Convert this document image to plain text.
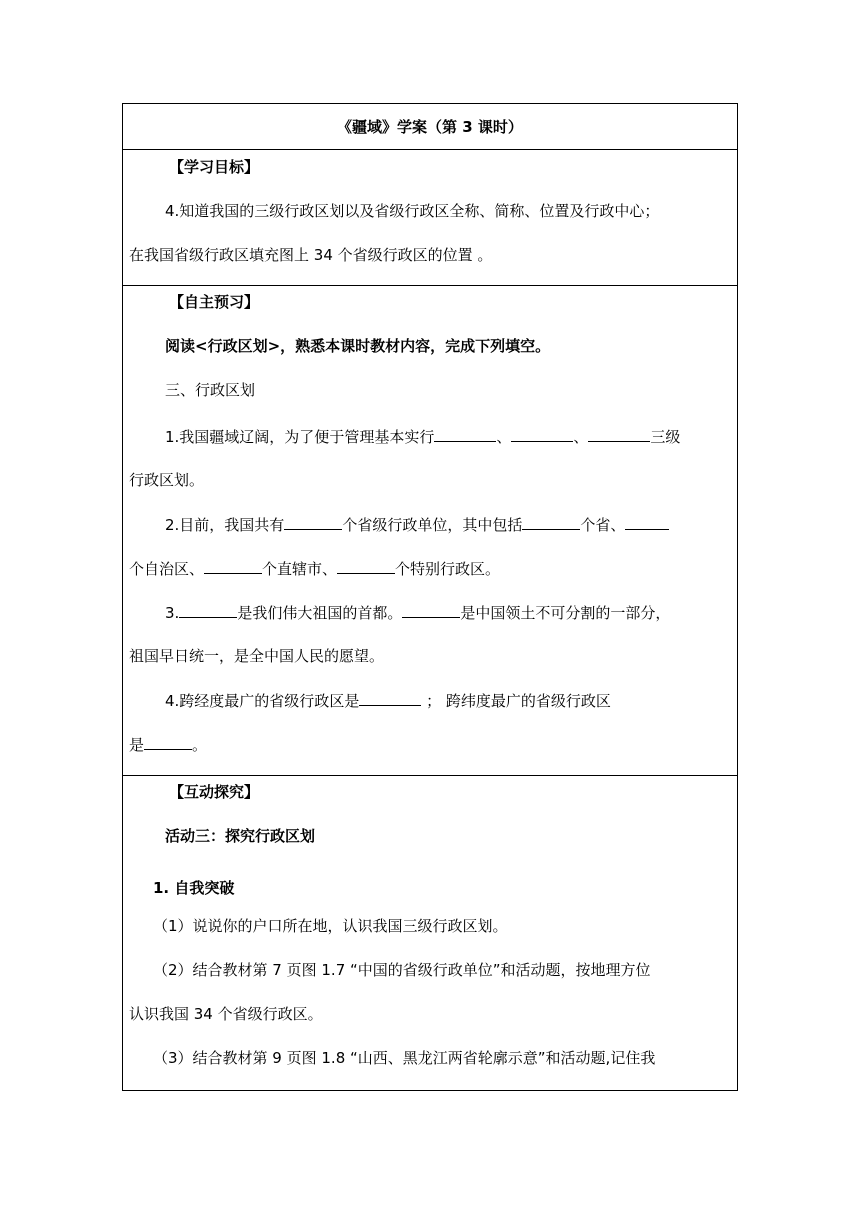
《疆域》学案（第 3 课时）
【学习目标】
4.知道我国的三级行政区划以及省级行政区全称、简称、位置及行政中心；
在我国省级行政区填充图上 34 个省级行政区的位置 。
【自主预习】
阅读<行政区划>，熟悉本课时教材内容，完成下列填空。
三、行政区划
1.我国疆域辽阔，为了便于管理基本实行	、	、	三级
行政区划。
2.目前，我国共有	个省级行政单位，其中包括	个省、
个自治区、	个直辖市、	个特别行政区。
3.	是我们伟大祖国的首都。	是中国领土不可分割的一部分，
祖国早日统一，是全中国人民的愿望。
4.跨经度最广的省级行政区是	； 跨纬度最广的省级行政区
是	。
【互动探究】
活动三：探究行政区划
1. 自我突破
（1）说说你的户口所在地，认识我国三级行政区划。
（2）结合教材第 7 页图 1.7 “中国的省级行政单位”和活动题，按地理方位
认识我国 34 个省级行政区。
（3）结合教材第 9 页图 1.8 “山西、黑龙江两省轮廓示意”和活动题,记住我
